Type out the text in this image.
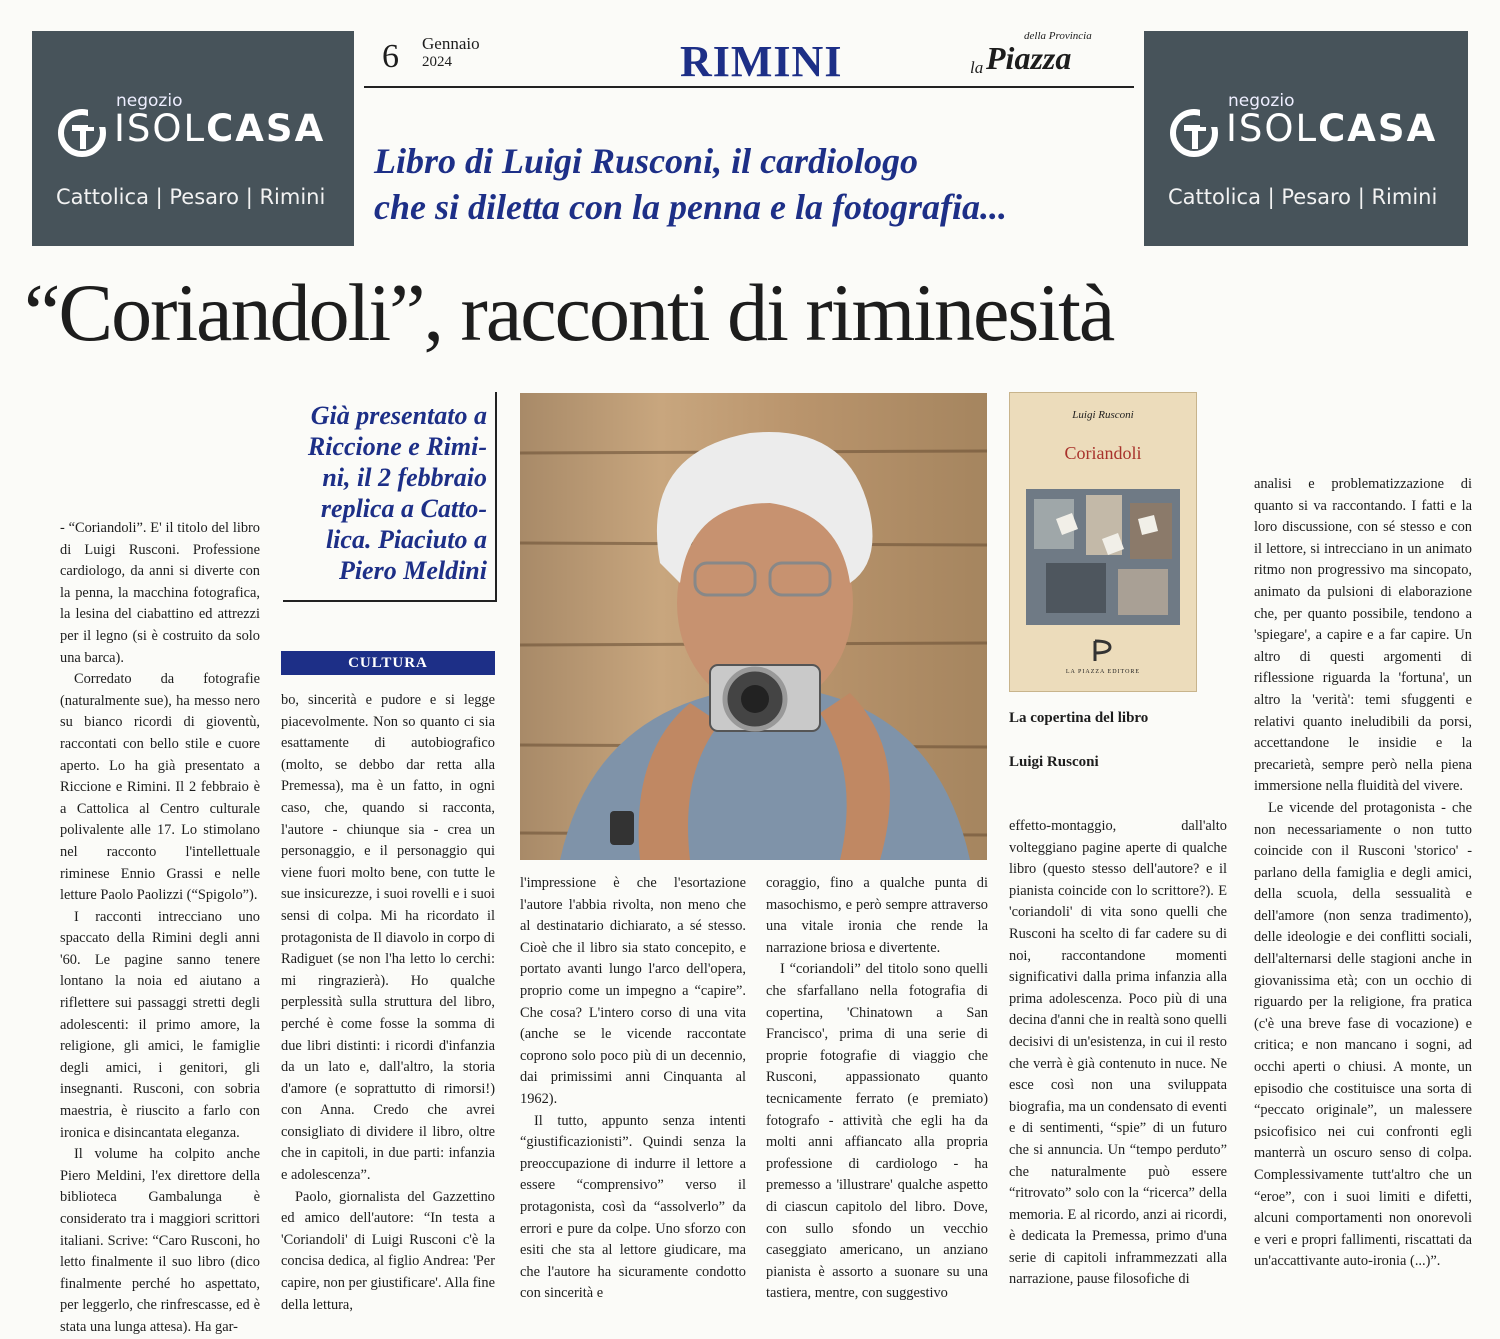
negozio
ISOLCASA
Cattolica | Pesaro | Rimini
negozio
ISOLCASA
Cattolica | Pesaro | Rimini
6 Gennaio
2024	RIMINI
della Provincia
la Piazza
Libro di Luigi Rusconi, il cardiologo
che si diletta con la penna e la fotografia...
“Coriandoli”, racconti di riminesità
Già presentato a
Riccione e Rimi-
ni, il 2 febbraio
replica a Catto-
lica. Piaciuto a
Piero Meldini
CULTURA
Luigi Rusconi
Coriandoli
LA PIAZZA EDITORE
La copertina del libro
Luigi Rusconi

- “Coriandoli”. E' il titolo del libro di Luigi Rusconi. Professione cardiologo, da anni si diverte con la penna, la macchina fotografica, la lesina del ciabattino ed attrezzi per il legno (si è costruito da solo una barca).

Corredato da fotografie (naturalmente sue), ha messo nero su bianco ricordi di gioventù, raccontati con bello stile e cuore aperto. Lo ha già presentato a Riccione e Rimini. Il 2 febbraio è a Cattolica al Centro culturale polivalente alle 17. Lo stimolano nel racconto l'intellettuale riminese Ennio Grassi e nelle letture Paolo Paolizzi (“Spigolo”).

I racconti intrecciano uno spaccato della Rimini degli anni '60. Le pagine sanno tenere lontano la noia ed aiutano a riflettere sui passaggi stretti degli adolescenti: il primo amore, la religione, gli amici, le famiglie degli amici, i genitori, gli insegnanti. Rusconi, con sobria maestria, è riuscito a farlo con ironica e disincantata eleganza.

Il volume ha colpito anche Piero Meldini, l'ex direttore della biblioteca Gambalunga è considerato tra i maggiori scrittori italiani. Scrive: “Caro Rusconi, ho letto finalmente il suo libro (dico finalmente perché ho aspettato, per leggerlo, che rinfrescasse, ed è stata una lunga attesa). Ha gar-

bo, sincerità e pudore e si legge piacevolmente. Non so quanto ci sia esattamente di autobiografico (molto, se debbo dar retta alla Premessa), ma è un fatto, in ogni caso, che, quando si racconta, l'autore - chiunque sia - crea un personaggio, e il personaggio qui viene fuori molto bene, con tutte le sue insicurezze, i suoi rovelli e i suoi sensi di colpa. Mi ha ricordato il protagonista de Il diavolo in corpo di Radiguet (se non l'ha letto lo cerchi: mi ringrazierà). Ho qualche perplessità sulla struttura del libro, perché è come fosse la somma di due libri distinti: i ricordi d'infanzia da un lato e, dall'altro, la storia d'amore (e soprattutto di rimorsi!) con Anna. Credo che avrei consigliato di dividere il libro, oltre che in capitoli, in due parti: infanzia e adolescenza”.

Paolo, giornalista del Gazzettino ed amico dell'autore: “In testa a 'Coriandoli' di Luigi Rusconi c'è la concisa dedica, al figlio Andrea: 'Per capire, non per giustificare'. Alla fine della lettura,

l'impressione è che l'esortazione l'autore l'abbia rivolta, non meno che al destinatario dichiarato, a sé stesso. Cioè che il libro sia stato concepito, e portato avanti lungo l'arco dell'opera, proprio come un impegno a “capire”. Che cosa? L'intero corso di una vita (anche se le vicende raccontate coprono solo poco più di un decennio, dai primissimi anni Cinquanta al 1962).

Il tutto, appunto senza intenti “giustificazionisti”. Quindi senza la preoccupazione di indurre il lettore a essere “comprensivo” verso il protagonista, così da “assolverlo” da errori e pure da colpe. Uno sforzo con esiti che sta al lettore giudicare, ma che l'autore ha sicuramente condotto con sincerità e

coraggio, fino a qualche punta di masochismo, e però sempre attraverso una vitale ironia che rende la narrazione briosa e divertente.

I “coriandoli” del titolo sono quelli che sfarfallano nella fotografia di copertina, 'Chinatown a San Francisco', prima di una serie di proprie fotografie di viaggio che Rusconi, appassionato quanto tecnicamente ferrato (e premiato) fotografo - attività che egli ha da molti anni affiancato alla propria professione di cardiologo - ha premesso a 'illustrare' qualche aspetto di ciascun capitolo del libro. Dove, con sullo sfondo un vecchio caseggiato americano, un anziano pianista è assorto a suonare su una tastiera, mentre, con suggestivo

effetto-montaggio, dall'alto volteggiano pagine aperte di qualche libro (questo stesso dell'autore? e il pianista coincide con lo scrittore?). E 'coriandoli' di vita sono quelli che Rusconi ha scelto di far cadere su di noi, raccontandone momenti significativi dalla prima infanzia alla prima adolescenza. Poco più di una decina d'anni che in realtà sono quelli decisivi di un'esistenza, in cui il resto che verrà è già contenuto in nuce. Ne esce così non una sviluppata biografia, ma un condensato di eventi e di sentimenti, “spie” di un futuro che si annuncia. Un “tempo perduto” che naturalmente può essere “ritrovato” solo con la “ricerca” della memoria. E al ricordo, anzi ai ricordi, è dedicata la Premessa, primo d'una serie di capitoli inframmezzati alla narrazione, pause filosofiche di

analisi e problematizzazione di quanto si va raccontando. I fatti e la loro discussione, con sé stesso e con il lettore, si intrecciano in un animato ritmo non progressivo ma sincopato, animato da pulsioni di elaborazione che, per quanto possibile, tendono a 'spiegare', a capire e a far capire. Un altro di questi argomenti di riflessione riguarda la 'fortuna', un altro la 'verità': temi sfuggenti e relativi quanto ineludibili da porsi, accettandone le insidie e la precarietà, sempre però nella piena immersione nella fluidità del vivere.

Le vicende del protagonista - che non necessariamente o non tutto coincide con il Rusconi 'storico' - parlano della famiglia e degli amici, della scuola, della sessualità e dell'amore (non senza tradimento), delle ideologie e dei conflitti sociali, dell'alternarsi delle stagioni anche in giovanissima età; con un occhio di riguardo per la religione, fra pratica (c'è una breve fase di vocazione) e critica; e non mancano i sogni, ad occhi aperti o chiusi. A monte, un episodio che costituisce una sorta di “peccato originale”, un malessere psicofisico nei cui confronti egli manterrà un oscuro senso di colpa. Complessivamente tutt'altro che un “eroe”, con i suoi limiti e difetti, alcuni comportamenti non onorevoli e veri e propri fallimenti, riscattati da un'accattivante auto-ironia (...)”.
